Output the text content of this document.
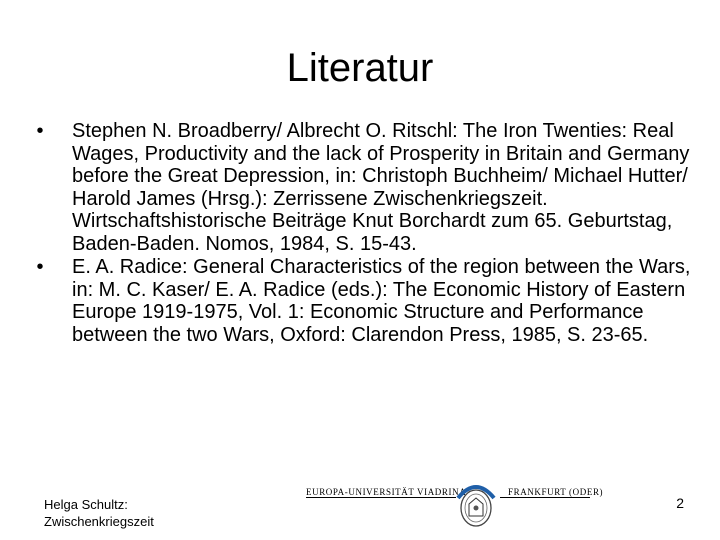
Literatur
•	Stephen N. Broadberry/ Albrecht O. Ritschl: The Iron Twenties: Real Wages, Productivity and the lack of Prosperity in Britain and Germany before the Great Depression, in: Christoph Buchheim/ Michael Hutter/ Harold James (Hrsg.): Zerrissene Zwischenkriegszeit. Wirtschaftshistorische Beiträge Knut Borchardt zum 65. Geburtstag, Baden-Baden. Nomos, 1984, S. 15-43.
•	E. A. Radice: General Characteristics of the region between the Wars, in: M. C. Kaser/ E. A. Radice (eds.): The Economic History of Eastern Europe 1919-1975, Vol. 1: Economic Structure and Performance between the two Wars, Oxford: Clarendon Press, 1985, S. 23-65.
Helga Schultz:
Zwischenkriegszeit
EUROPA-UNIVERSITÄT VIADRINA	FRANKFURT (ODER)
2
